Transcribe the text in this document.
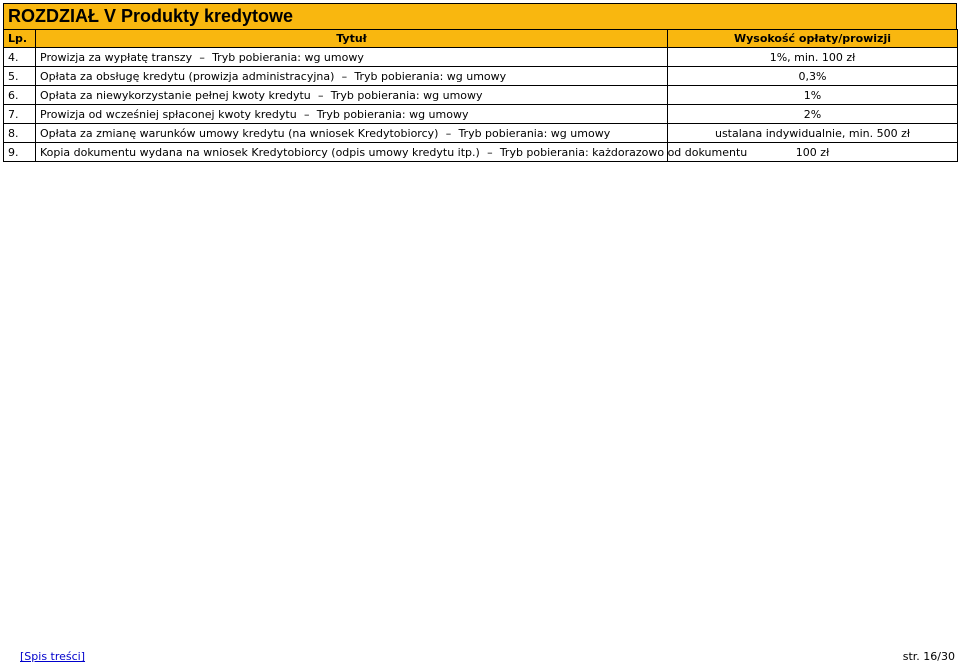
ROZDZIAŁ V Produkty kredytowe
Lp.	Tytuł	Wysokość opłaty/prowizji
4.	Prowizja za wypłatę transzy – Tryb pobierania: wg umowy	1%, min. 100 zł
5.	Opłata za obsługę kredytu (prowizja administracyjna) – Tryb pobierania: wg umowy	0,3%
6.	Opłata za niewykorzystanie pełnej kwoty kredytu – Tryb pobierania: wg umowy	1%
7.	Prowizja od wcześniej spłaconej kwoty kredytu – Tryb pobierania: wg umowy	2%
8.	Opłata za zmianę warunków umowy kredytu (na wniosek Kredytobiorcy) – Tryb pobierania: wg umowy	ustalana indywidualnie, min. 500 zł
9.	Kopia dokumentu wydana na wniosek Kredytobiorcy (odpis umowy kredytu itp.) – Tryb pobierania: każdorazowo od dokumentu	100 zł
[Spis treści]	str. 16/30
